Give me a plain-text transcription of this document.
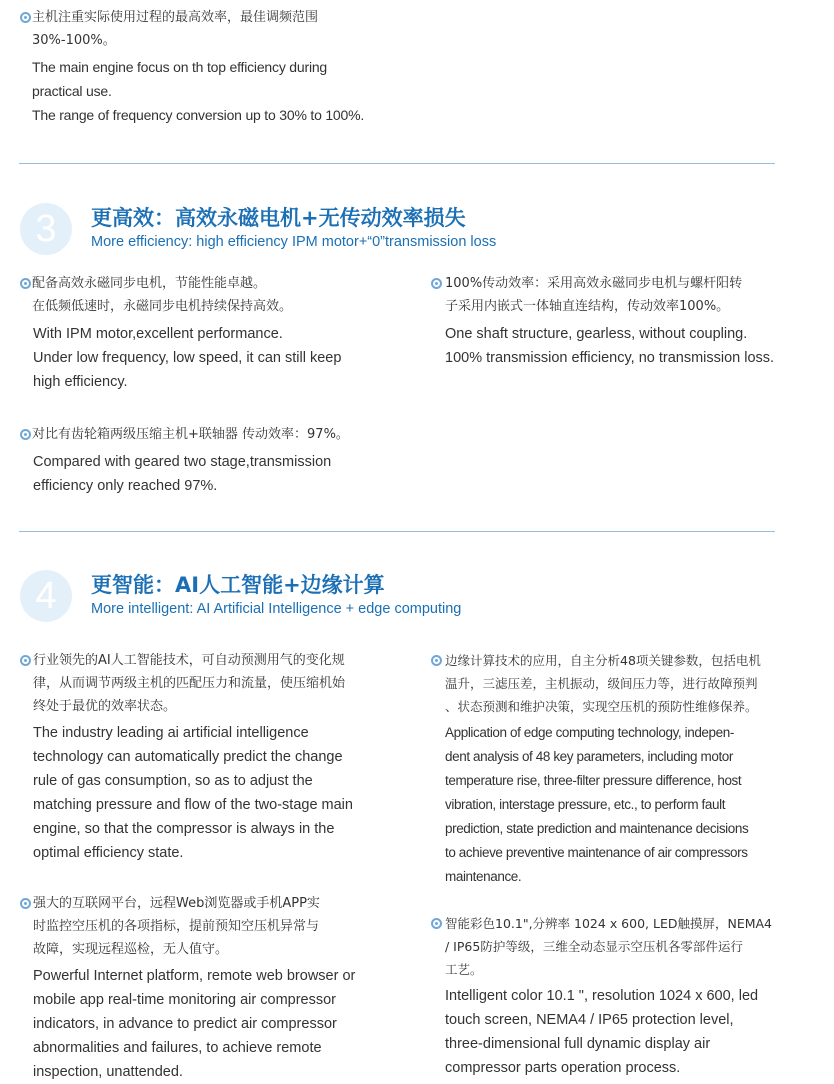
主机注重实际使用过程的最高效率，最佳调频范围
30%-100%。
The main engine focus on th top efficiency during
practical use.
The range of frequency conversion up to 30% to 100%.
3	更高效：高效永磁电机+无传动效率损失
More efficiency: high efficiency IPM motor+“0”transmission loss
配备高效永磁同步电机，节能性能卓越。
在低频低速时，永磁同步电机持续保持高效。
With IPM motor,excellent performance.
Under low frequency, low speed, it can still keep
high efficiency.
100%传动效率：采用高效永磁同步电机与螺杆阳转
子采用内嵌式一体轴直连结构，传动效率100%。
One shaft structure, gearless, without coupling.
100% transmission efficiency, no transmission loss.
对比有齿轮箱两级压缩主机+联轴器 传动效率：97%。
Compared with geared two stage,transmission
efficiency only reached 97%.
4	更智能：AI人工智能+边缘计算
More intelligent: AI Artificial Intelligence + edge computing
行业领先的AI人工智能技术，可自动预测用气的变化规
律，从而调节两级主机的匹配压力和流量，使压缩机始
终处于最优的效率状态。
The industry leading ai artificial intelligence
technology can automatically predict the change
rule of gas consumption, so as to adjust the
matching pressure and flow of the two-stage main
engine, so that the compressor is always in the
optimal efficiency state.
边缘计算技术的应用，自主分析48项关键参数，包括电机
温升，三滤压差，主机振动，级间压力等，进行故障预判
、状态预测和维护决策，实现空压机的预防性维修保养。
Application of edge computing technology, indepen-
dent analysis of 48 key parameters, including motor
temperature rise, three-filter pressure difference, host
vibration, interstage pressure, etc., to perform fault
prediction, state prediction and maintenance decisions
to achieve preventive maintenance of air compressors
maintenance.
强大的互联网平台，远程Web浏览器或手机APP实
时监控空压机的各项指标，提前预知空压机异常与
故障，实现远程巡检，无人值守。
Powerful Internet platform, remote web browser or
mobile app real-time monitoring air compressor
indicators, in advance to predict air compressor
abnormalities and failures, to achieve remote
inspection, unattended.
智能彩色10.1",分辨率 1024 x 600, LED触摸屏，NEMA4
/ IP65防护等级，三维全动态显示空压机各零部件运行
工艺。
Intelligent color 10.1 ", resolution 1024 x 600, led
touch screen, NEMA4 / IP65 protection level,
three-dimensional full dynamic display air
compressor parts operation process.
